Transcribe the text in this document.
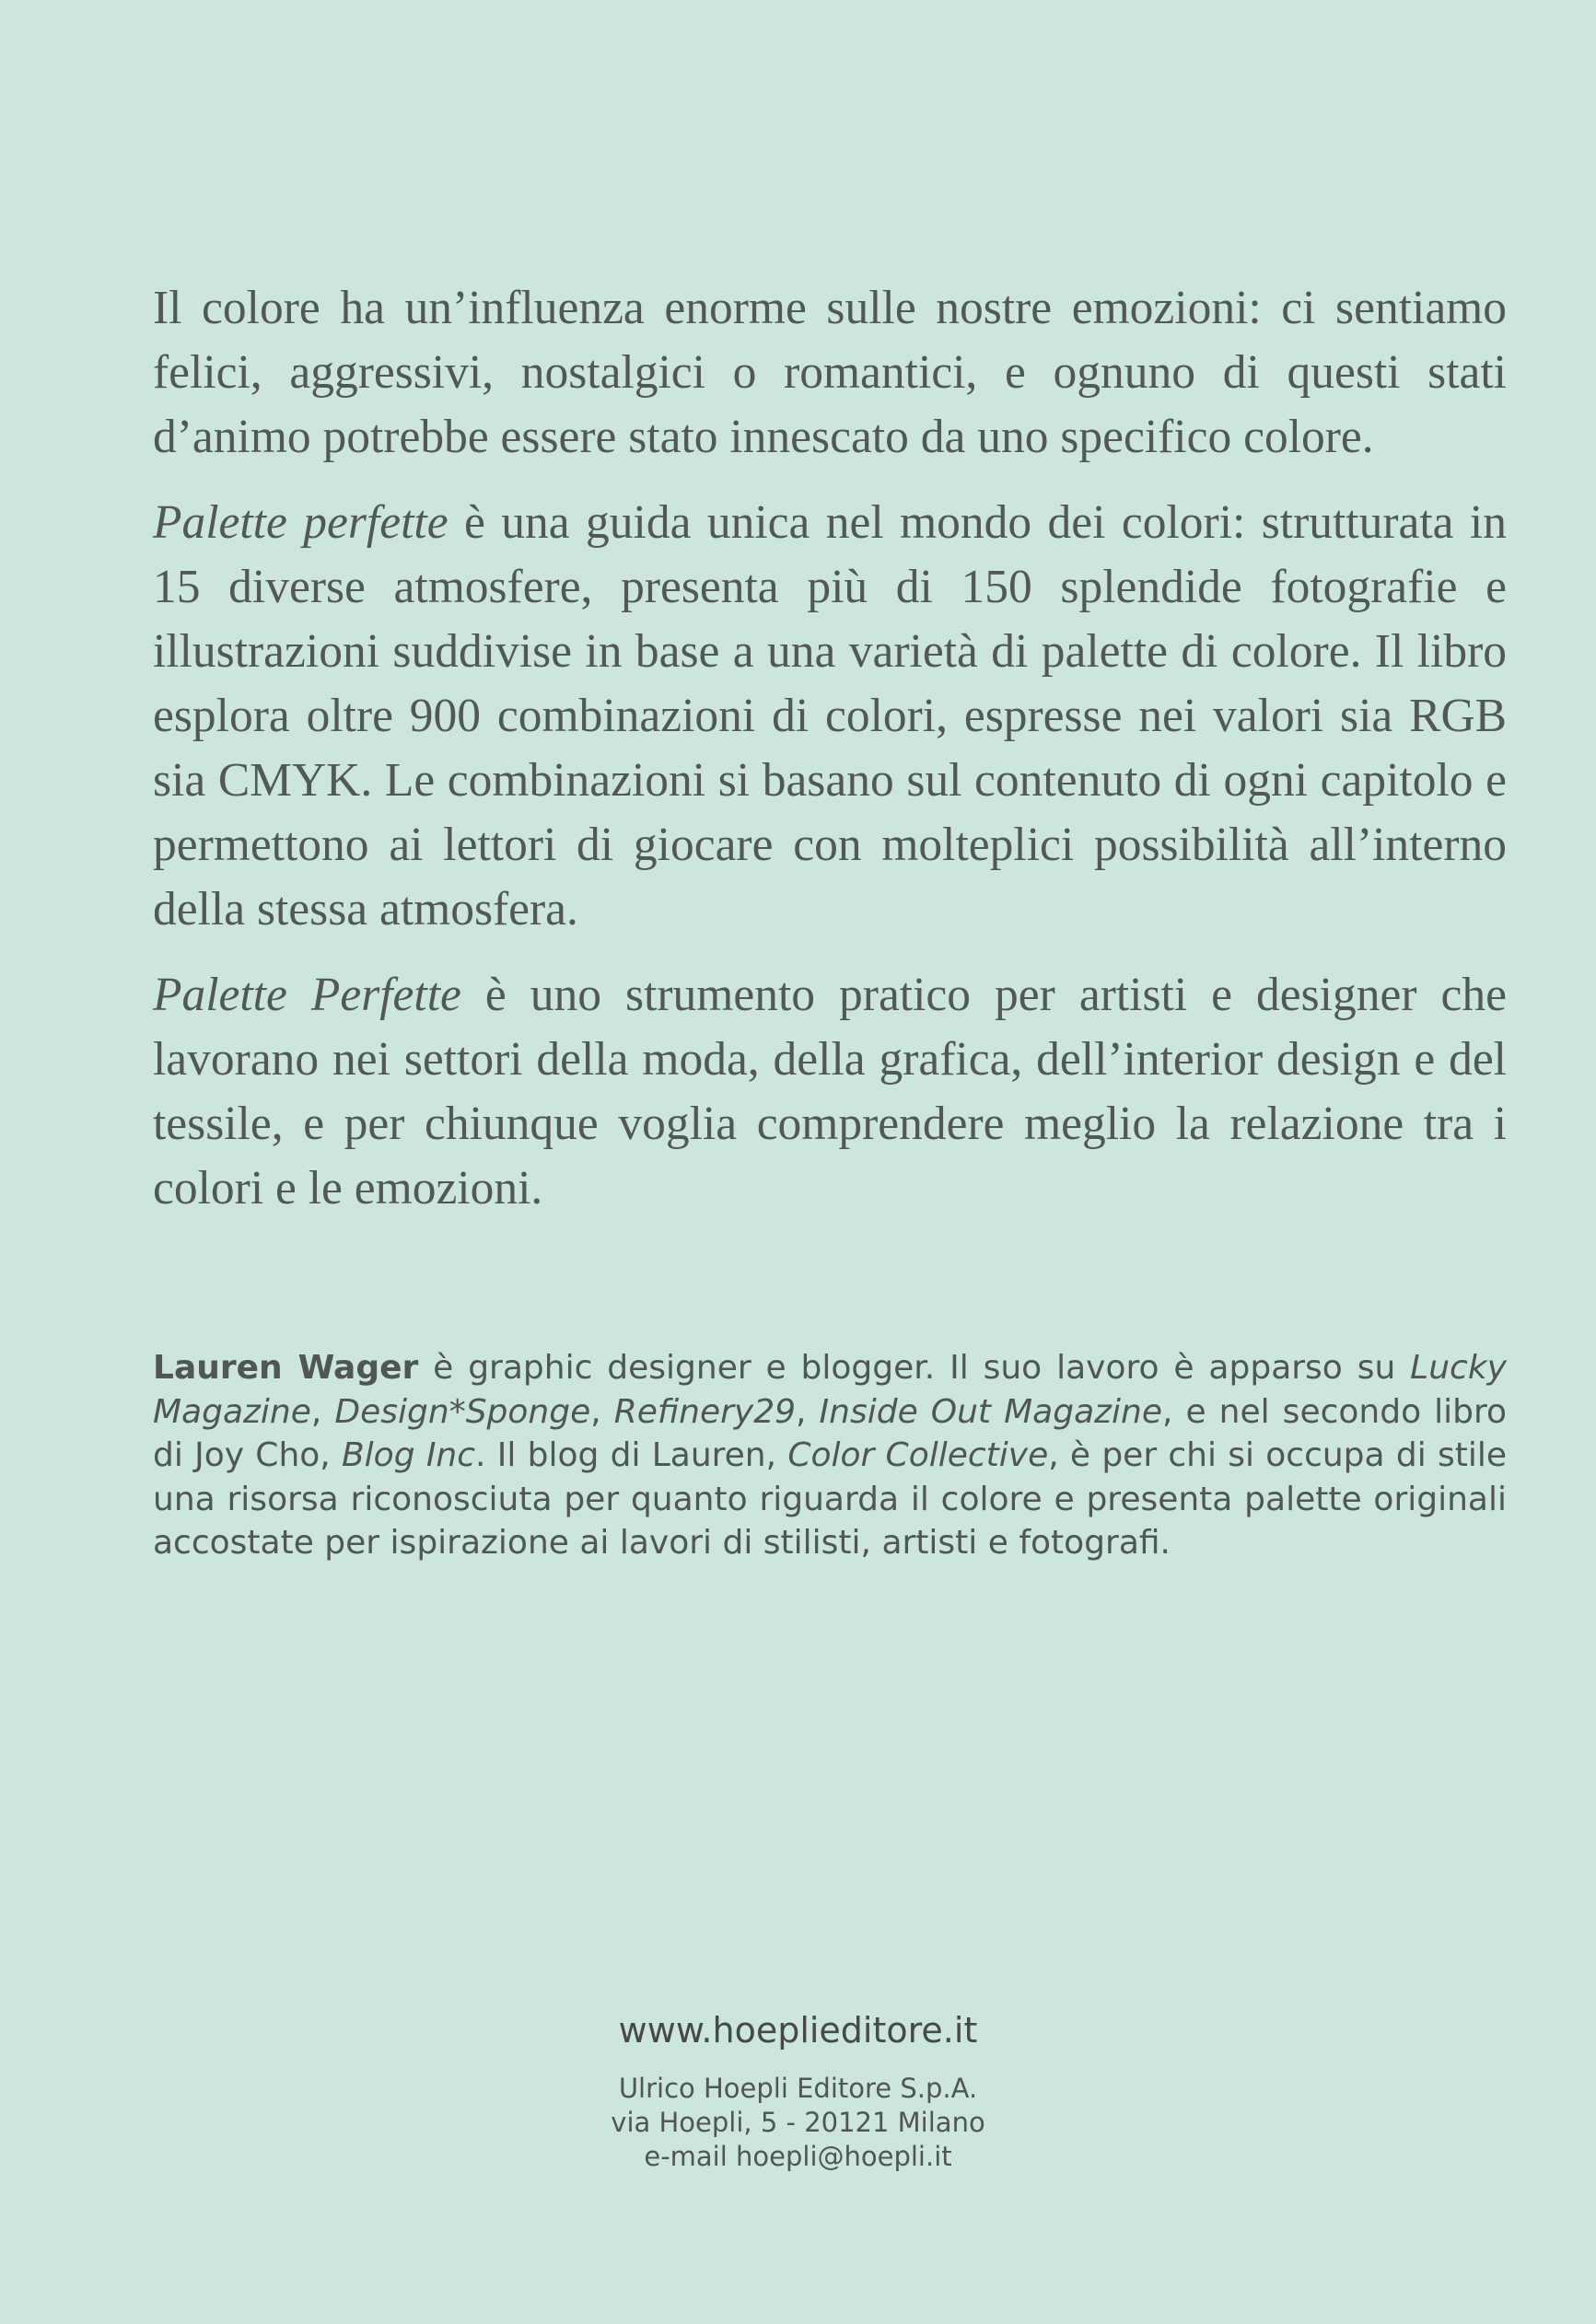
Il colore ha un’influenza enorme sulle nostre emozioni: ci sentiamo felici, aggressivi, nostalgici o romantici, e ognuno di questi stati d’animo potrebbe essere stato innescato da uno specifico colore.

Palette perfette è una guida unica nel mondo dei colori: strutturata in 15 diverse atmosfere, presenta più di 150 splendide fotografie e illustrazioni suddivise in base a una varietà di palette di colore. Il libro esplora oltre 900 combinazioni di colori, espresse nei valori sia RGB sia CMYK. Le combinazioni si basano sul contenuto di ogni capitolo e permettono ai lettori di giocare con molteplici possibilità all’interno della stessa atmosfera.

Palette Perfette è uno strumento pratico per artisti e designer che lavorano nei settori della moda, della grafica, dell’interior design e del tessile, e per chiunque voglia comprendere meglio la relazione tra i colori e le emozioni.

Lauren Wager è graphic designer e blogger. Il suo lavoro è apparso su Lucky Magazine, Design*Sponge, Refinery29, Inside Out Magazine, e nel secondo libro di Joy Cho, Blog Inc. Il blog di Lauren, Color Collective, è per chi si occupa di stile una risorsa riconosciuta per quanto riguarda il colore e presenta palette originali accostate per ispirazione ai lavori di stilisti, artisti e fotografi.

www.hoeplieditore.it
Ulrico Hoepli Editore S.p.A.
via Hoepli, 5 - 20121 Milano
e-mail hoepli@hoepli.it
